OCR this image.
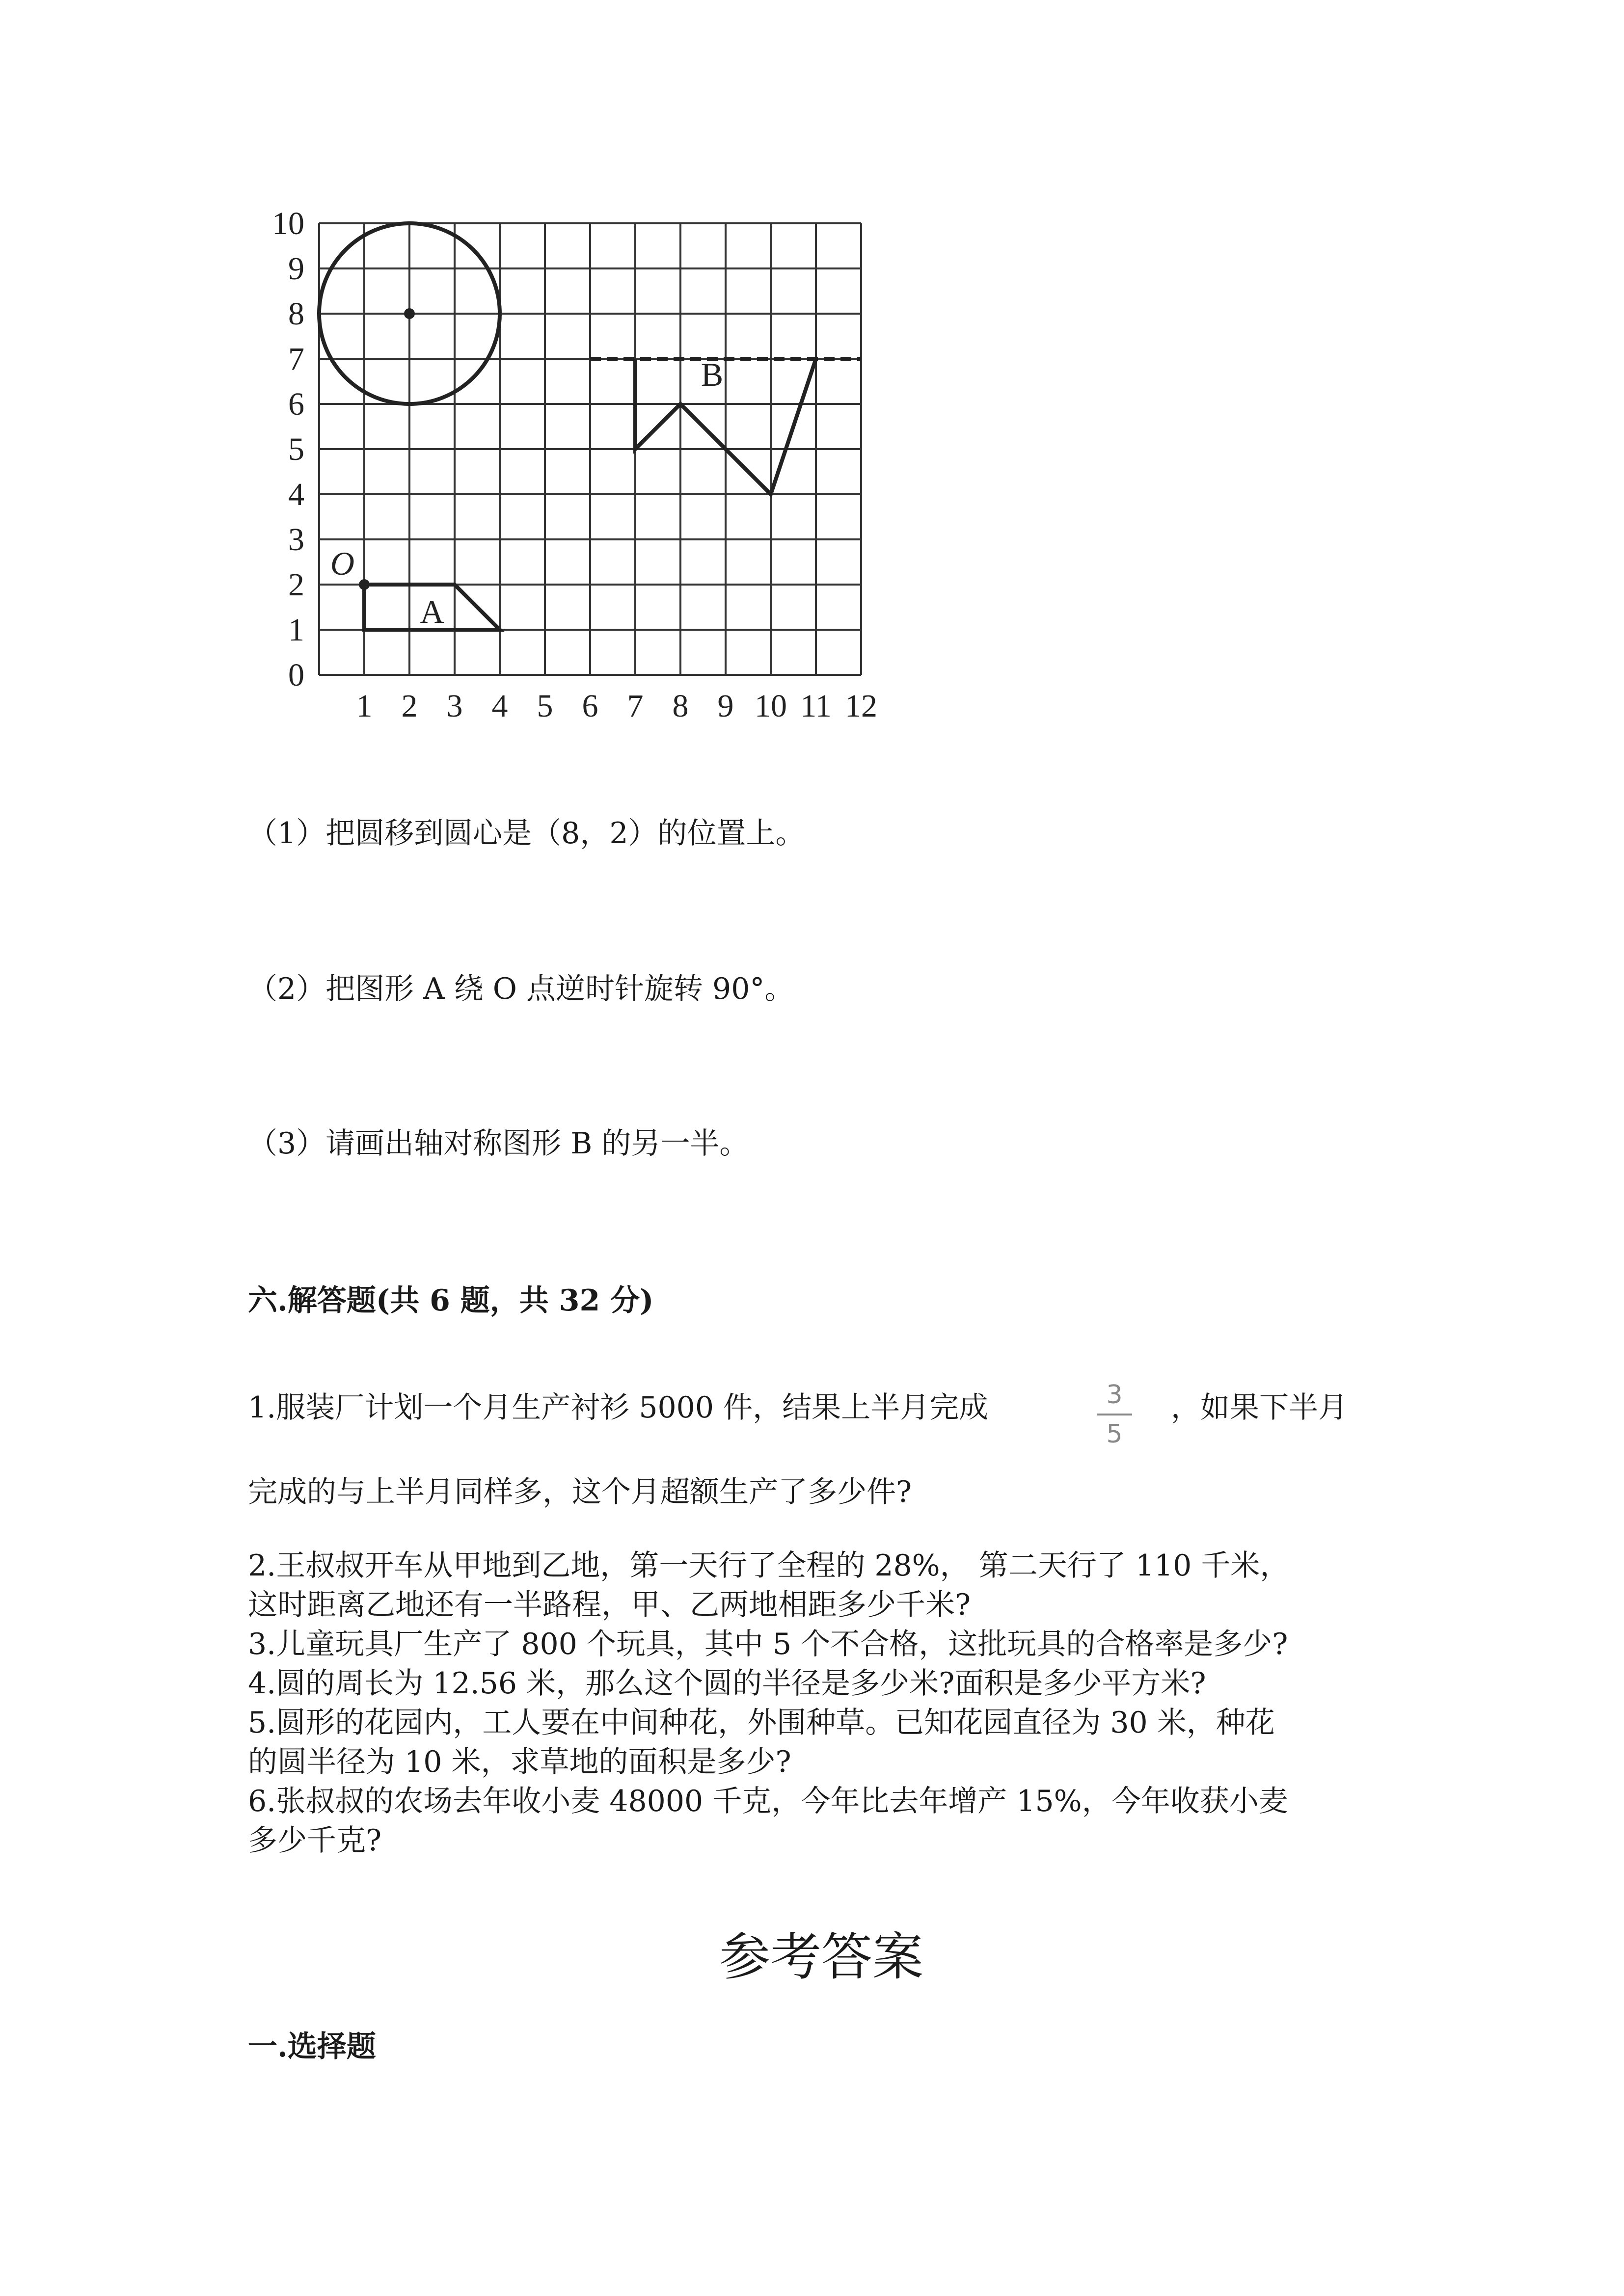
1 2 3 4 5 6 7 8 9 10 11 12
0
1
2
3
4
5
6
7
8
9
10
O
A
B
（1）把圆移到圆心是（8，2）的位置上。
（2）把图形 A 绕 O 点逆时针旋转 90°。
（3）请画出轴对称图形 B 的另一半。
六.解答题(共 6 题，共 32 分)
1.服装厂计划一个月生产衬衫 5000 件，结果上半月完成	3
5
，如果下半月
完成的与上半月同样多，这个月超额生产了多少件?
2.王叔叔开车从甲地到乙地，第一天行了全程的 28%， 第二天行了 110 千米，
这时距离乙地还有一半路程，甲、乙两地相距多少千米?
3.儿童玩具厂生产了 800 个玩具，其中 5 个不合格，这批玩具的合格率是多少?
4.圆的周长为 12.56 米，那么这个圆的半径是多少米?面积是多少平方米?
5.圆形的花园内，工人要在中间种花，外围种草。已知花园直径为 30 米，种花
的圆半径为 10 米，求草地的面积是多少?
6.张叔叔的农场去年收小麦 48000 千克，今年比去年增产 15%，今年收获小麦
多少千克?
参考答案
一.选择题
